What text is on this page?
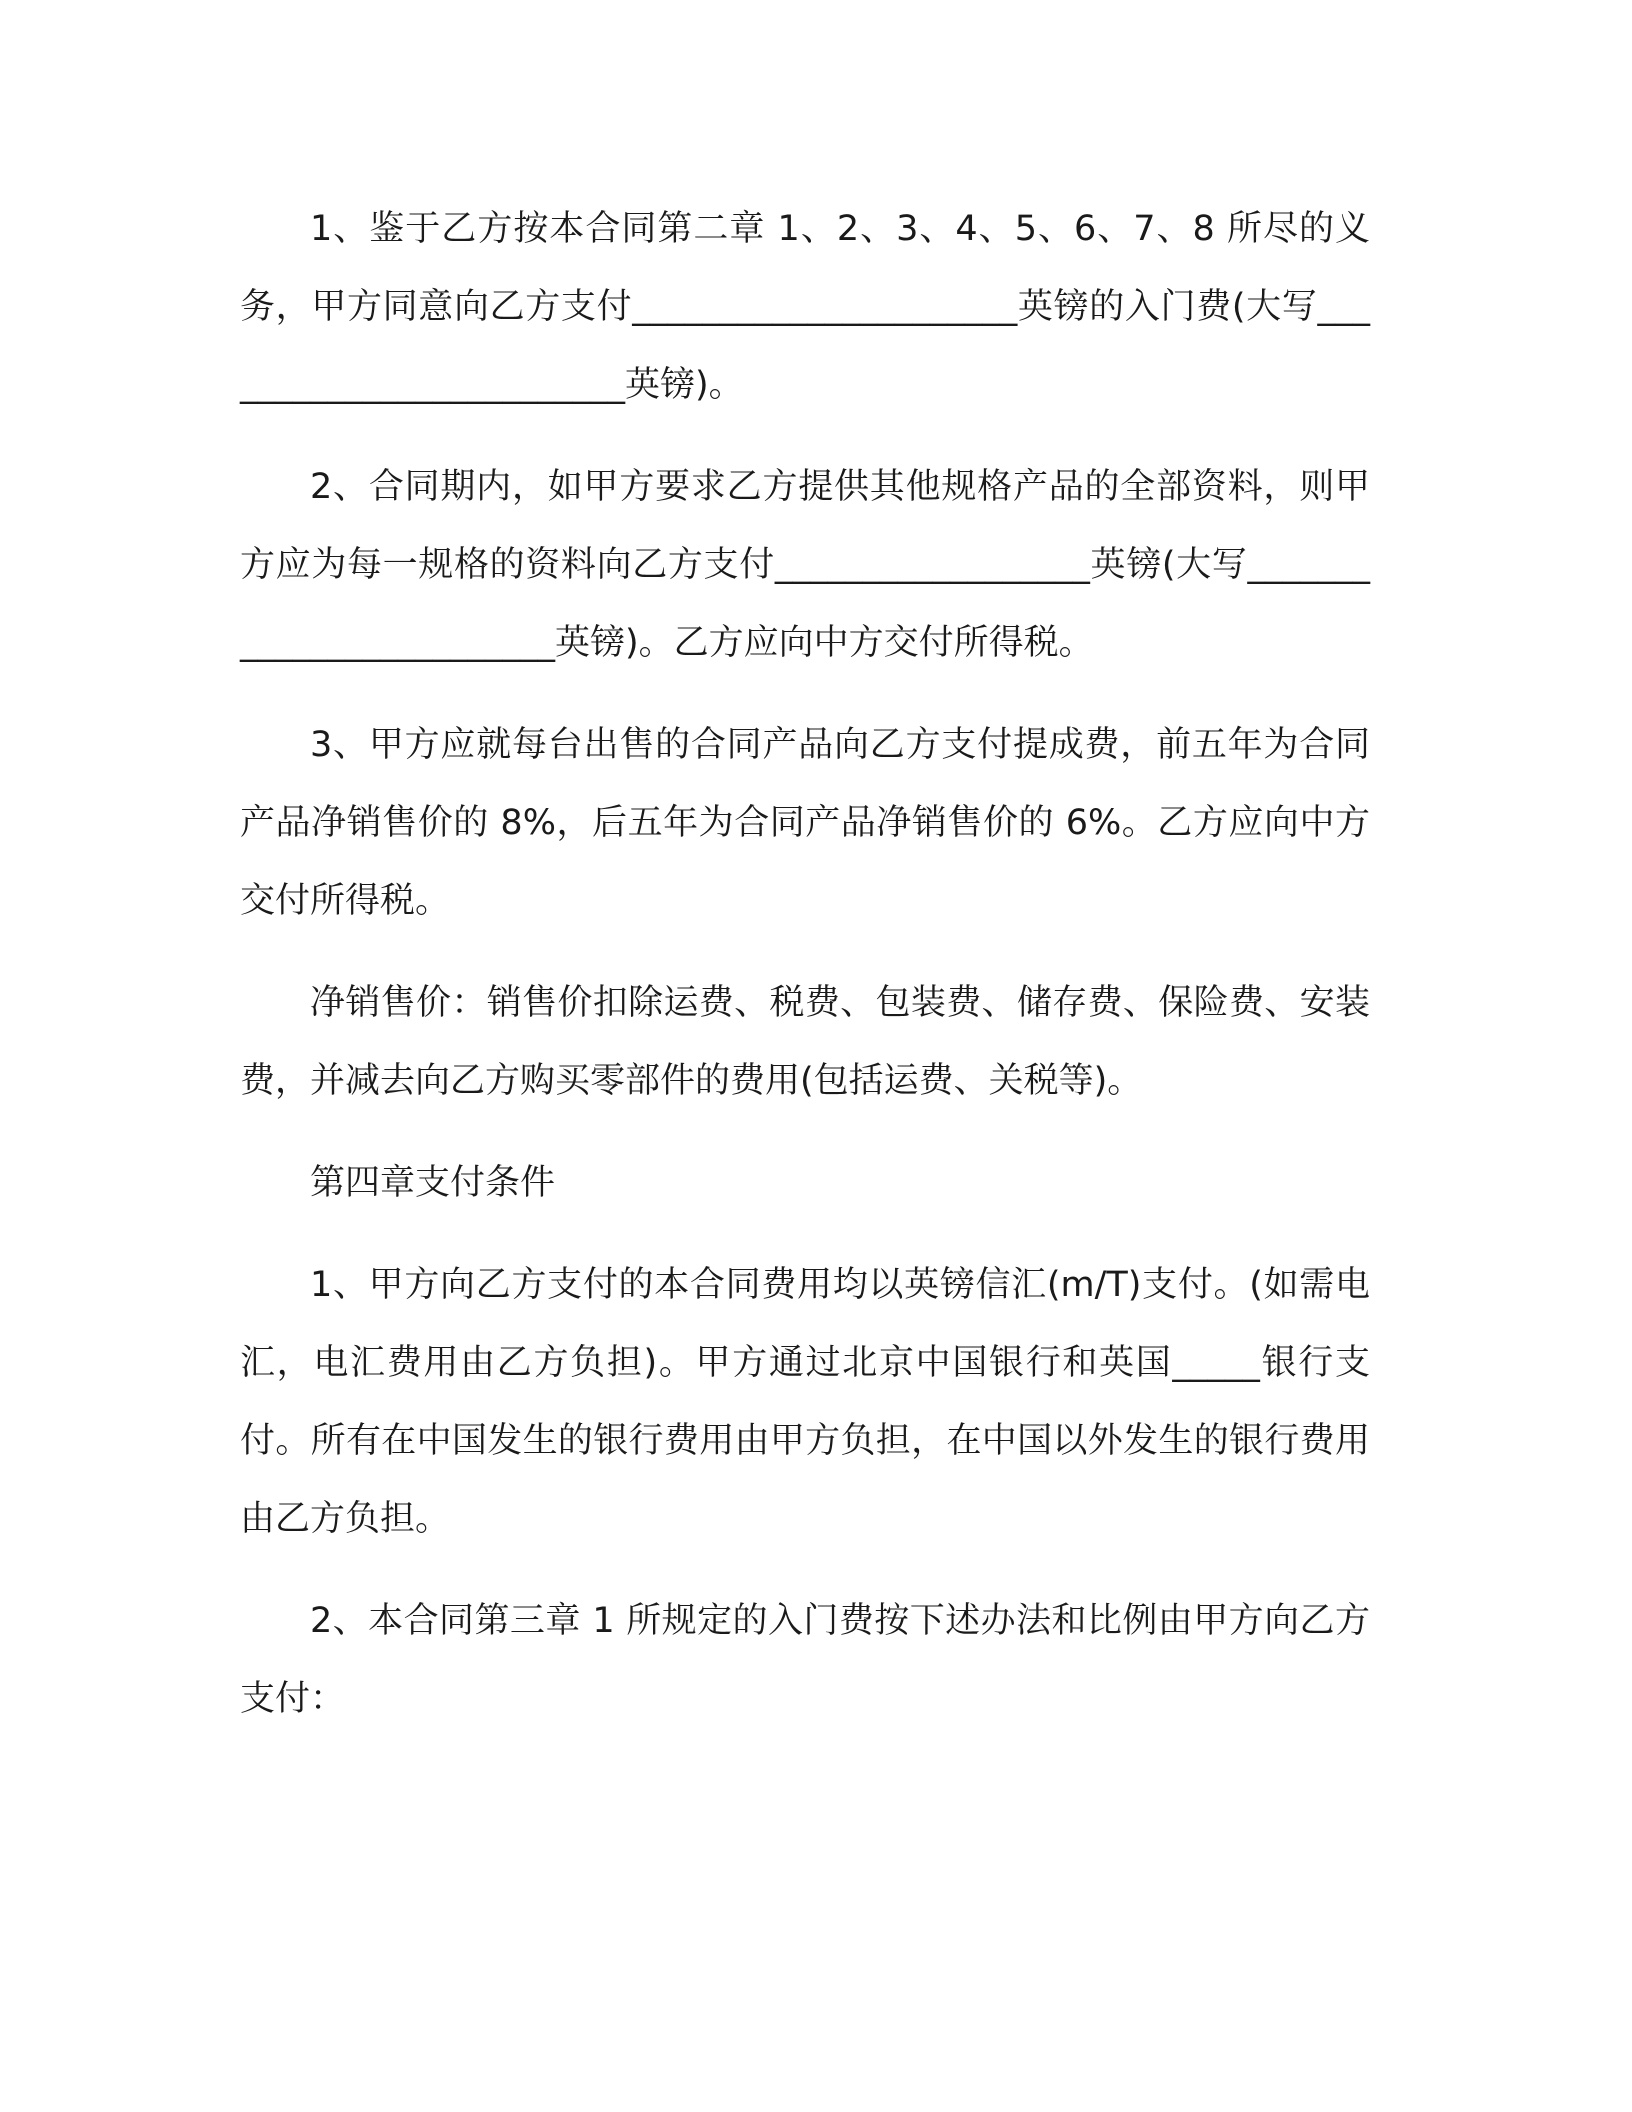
1、鉴于乙方按本合同第二章 1、2、3、4、5、6、7、8 所尽的义务，甲方同意向乙方支付______________________英镑的入门费(大写_________________________英镑)。

2、合同期内，如甲方要求乙方提供其他规格产品的全部资料，则甲方应为每一规格的资料向乙方支付__________________英镑(大写_________________________英镑)。乙方应向中方交付所得税。

3、甲方应就每台出售的合同产品向乙方支付提成费，前五年为合同产品净销售价的 8%，后五年为合同产品净销售价的 6%。乙方应向中方交付所得税。

净销售价：销售价扣除运费、税费、包装费、储存费、保险费、安装费，并减去向乙方购买零部件的费用(包括运费、关税等)。

第四章支付条件

1、甲方向乙方支付的本合同费用均以英镑信汇(m/T)支付。(如需电汇，电汇费用由乙方负担)。甲方通过北京中国银行和英国_____银行支付。所有在中国发生的银行费用由甲方负担，在中国以外发生的银行费用由乙方负担。

2、本合同第三章 1 所规定的入门费按下述办法和比例由甲方向乙方支付：
